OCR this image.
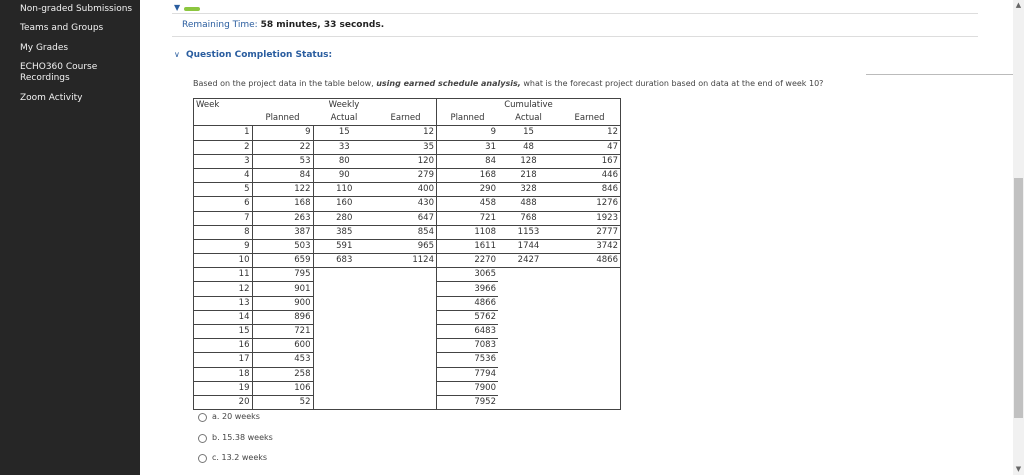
Non-graded Submissions
Teams and Groups
My Grades
ECHO360 Course Recordings
Zoom Activity
▼
Remaining Time: 58 minutes, 33 seconds.
∨ Question Completion Status:
Based on the project data in the table below, using earned schedule analysis, what is the forecast project duration based on data at the end of week 10?
Week		Weekly			Cumulative	
	Planned	Actual	Earned	Planned	Actual	Earned
1	9	15	12	9	15	12
2	22	33	35	31	48	47
3	53	80	120	84	128	167
4	84	90	279	168	218	446
5	122	110	400	290	328	846
6	168	160	430	458	488	1276
7	263	280	647	721	768	1923
8	387	385	854	1108	1153	2777
9	503	591	965	1611	1744	3742
10	659	683	1124	2270	2427	4866
11	795			3065		
12	901			3966		
13	900			4866		
14	896			5762		
15	721			6483		
16	600			7083		
17	453			7536		
18	258			7794		
19	106			7900		
20	52			7952		
a. 20 weeks
b. 15.38 weeks
c. 13.2 weeks
▲
▼
